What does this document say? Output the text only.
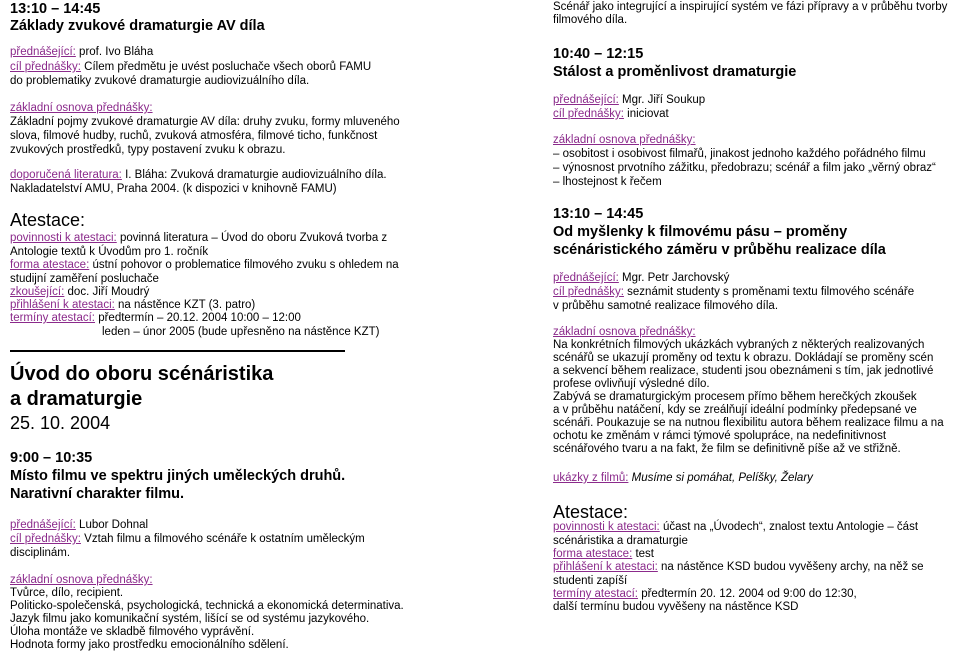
13:10 – 14:45
Základy zvukové dramaturgie AV díla
přednášející: prof. Ivo Bláha
cíl přednášky: Cílem předmětu je uvést posluchače všech oborů FAMU
do problematiky zvukové dramaturgie audiovizuálního díla.
základní osnova přednášky:
Základní pojmy zvukové dramaturgie AV díla: druhy zvuku, formy mluveného
slova, filmové hudby, ruchů, zvuková atmosféra, filmové ticho, funkčnost
zvukových prostředků, typy postavení zvuku k obrazu.
doporučená literatura: I. Bláha: Zvuková dramaturgie audiovizuálního díla.
Nakladatelství AMU, Praha 2004. (k dispozici v knihovně FAMU)
Atestace:
povinnosti k atestaci: povinná literatura – Úvod do oboru Zvuková tvorba z
Antologie textů k Úvodům pro 1. ročník
forma atestace: ústní pohovor o problematice filmového zvuku s ohledem na
studijní zaměření posluchače
zkoušející: doc. Jiří Moudrý
přihlášení k atestaci: na nástěnce KZT (3. patro)
termíny atestací: předtermín – 20.12. 2004 10:00 – 12:00
leden – únor 2005 (bude upřesněno na nástěnce KZT)
Úvod do oboru scénáristika
a dramaturgie
25. 10. 2004
9:00 – 10:35
Místo filmu ve spektru jiných uměleckých druhů.
Narativní charakter filmu.
přednášející: Lubor Dohnal
cíl přednášky: Vztah filmu a filmového scénáře k ostatním uměleckým
disciplinám.
základní osnova přednášky:
Tvůrce, dílo, recipient.
Politicko-společenská, psychologická, technická a ekonomická determinativa.
Jazyk filmu jako komunikační systém, lišící se od systému jazykového.
Úloha montáže ve skladbě filmového vyprávění.
Hodnota formy jako prostředku emocionálního sdělení.
Scénář jako integrující a inspirující systém ve fázi přípravy a v průběhu tvorby
filmového díla.
10:40 – 12:15
Stálost a proměnlivost dramaturgie
přednášející: Mgr. Jiří Soukup
cíl přednášky: iniciovat
základní osnova přednášky:
– osobitost i osobivost filmařů, jinakost jednoho každého pořádného filmu
– výnosnost prvotního zážitku, předobrazu; scénář a film jako „věrný obraz“
– lhostejnost k řečem
13:10 – 14:45
Od myšlenky k filmovému pásu – proměny
scénáristického záměru v průběhu realizace díla
přednášející: Mgr. Petr Jarchovský
cíl přednášky: seznámit studenty s proměnami textu filmového scénáře
v průběhu samotné realizace filmového díla.
základní osnova přednášky:
Na konkrétních filmových ukázkách vybraných z některých realizovaných
scénářů se ukazují proměny od textu k obrazu. Dokládají se proměny scén
a sekvencí během realizace, studenti jsou obeznámeni s tím, jak jednotlivé
profese ovlivňují výsledné dílo.
Zabývá se dramaturgickým procesem přímo během herečkých zkoušek
a v průběhu natáčení, kdy se zreálňují ideální podmínky předepsané ve
scénáři. Poukazuje se na nutnou flexibilitu autora během realizace filmu a na
ochotu ke změnám v rámci týmové spolupráce, na nedefinitivnost
scénářového tvaru a na fakt, že film se definitivně píše až ve střižně.
ukázky z filmů: Musíme si pomáhat, Pelíšky, Želary
Atestace:
povinnosti k atestaci: účast na „Úvodech“, znalost textu Antologie – část
scénáristika a dramaturgie
forma atestace: test
přihlášení k atestaci: na nástěnce KSD budou vyvěšeny archy, na něž se
studenti zapíší
termíny atestací: předtermín 20. 12. 2004 od 9:00 do 12:30,
další termínu budou vyvěšeny na nástěnce KSD
